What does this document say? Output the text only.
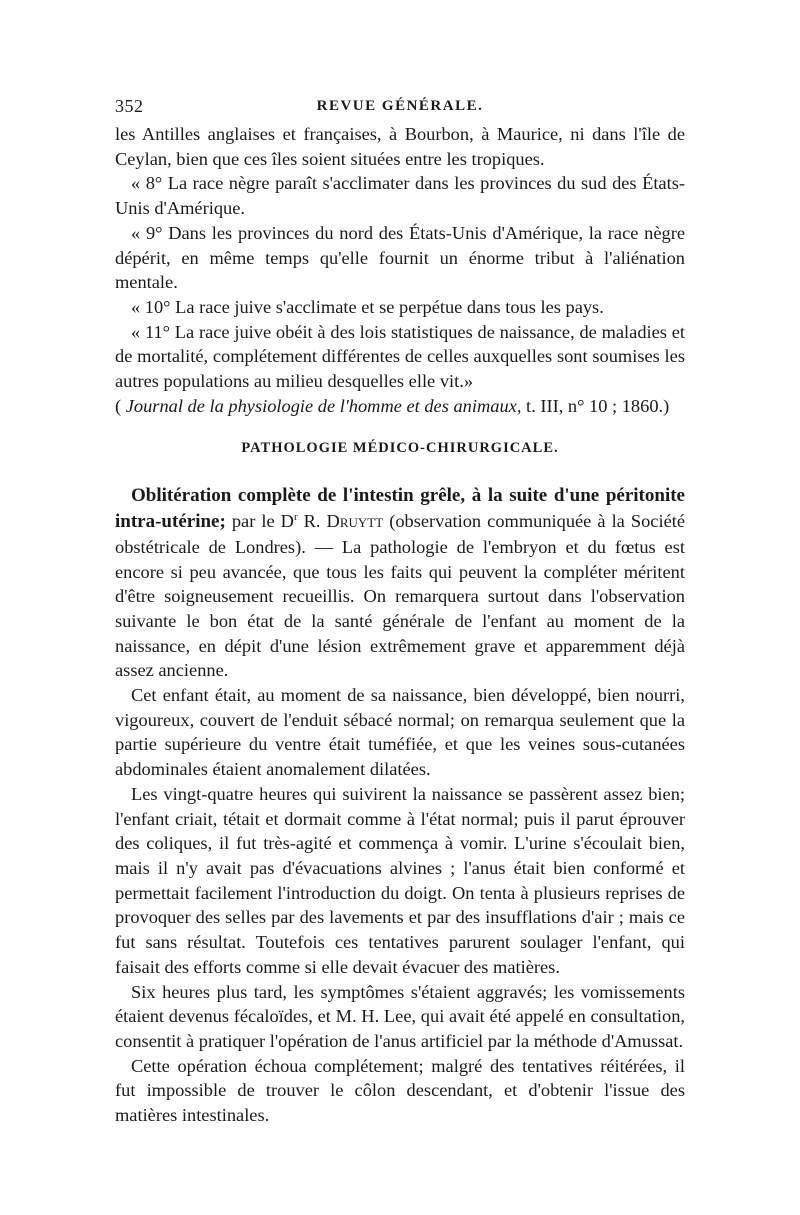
352	REVUE GÉNÉRALE.

les Antilles anglaises et françaises, à Bourbon, à Maurice, ni dans l'île de Ceylan, bien que ces îles soient situées entre les tropiques.

« 8° La race nègre paraît s'acclimater dans les provinces du sud des États-Unis d'Amérique.

« 9° Dans les provinces du nord des États-Unis d'Amérique, la race nègre dépérit, en même temps qu'elle fournit un énorme tribut à l'aliénation mentale.

« 10° La race juive s'acclimate et se perpétue dans tous les pays.

« 11° La race juive obéit à des lois statistiques de naissance, de maladies et de mortalité, complétement différentes de celles auxquelles sont soumises les autres populations au milieu desquelles elle vit.»

( Journal de la physiologie de l'homme et des animaux, t. III, n° 10 ; 1860.)

PATHOLOGIE MÉDICO-CHIRURGICALE.

Oblitération complète de l'intestin grêle, à la suite d'une péritonite intra-utérine; par le $D^r$ R. Druytt (observation communiquée à la Société obstétricale de Londres). — La pathologie de l'embryon et du fœtus est encore si peu avancée, que tous les faits qui peuvent la compléter méritent d'être soigneusement recueillis. On remarquera surtout dans l'observation suivante le bon état de la santé générale de l'enfant au moment de la naissance, en dépit d'une lésion extrêmement grave et apparemment déjà assez ancienne.

Cet enfant était, au moment de sa naissance, bien développé, bien nourri, vigoureux, couvert de l'enduit sébacé normal; on remarqua seulement que la partie supérieure du ventre était tuméfiée, et que les veines sous-cutanées abdominales étaient anomalement dilatées.

Les vingt-quatre heures qui suivirent la naissance se passèrent assez bien; l'enfant criait, tétait et dormait comme à l'état normal; puis il parut éprouver des coliques, il fut très-agité et commença à vomir. L'urine s'écoulait bien, mais il n'y avait pas d'évacuations alvines ; l'anus était bien conformé et permettait facilement l'introduction du doigt. On tenta à plusieurs reprises de provoquer des selles par des lavements et par des insufflations d'air ; mais ce fut sans résultat. Toutefois ces tentatives parurent soulager l'enfant, qui faisait des efforts comme si elle devait évacuer des matières.

Six heures plus tard, les symptômes s'étaient aggravés; les vomissements étaient devenus fécaloïdes, et M. H. Lee, qui avait été appelé en consultation, consentit à pratiquer l'opération de l'anus artificiel par la méthode d'Amussat.

Cette opération échoua complétement; malgré des tentatives réitérées, il fut impossible de trouver le côlon descendant, et d'obtenir l'issue des matières intestinales.
